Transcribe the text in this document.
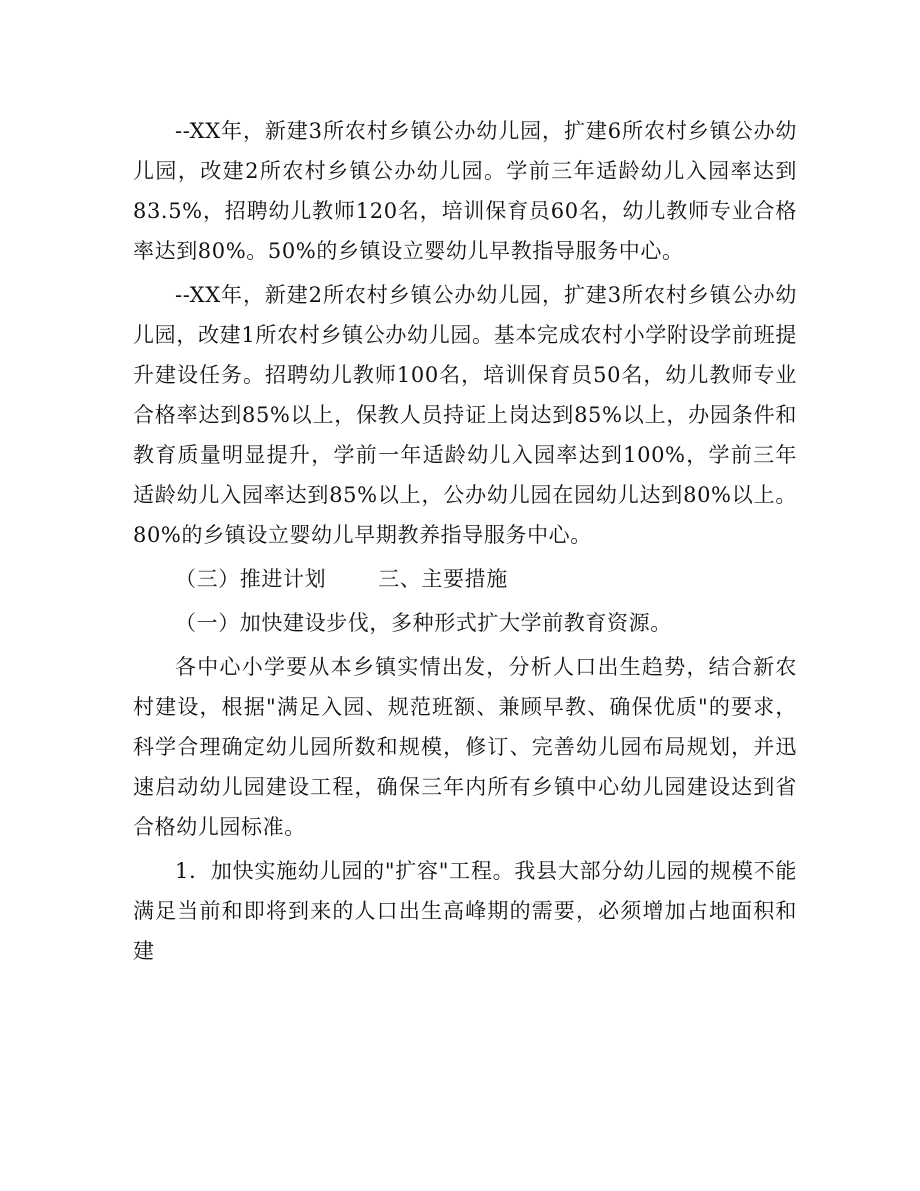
--XX年，新建3所农村乡镇公办幼儿园，扩建6所农村乡镇公办幼儿园，改建2所农村乡镇公办幼儿园。学前三年适龄幼儿入园率达到83.5%，招聘幼儿教师120名，培训保育员60名，幼儿教师专业合格率达到80%。50%的乡镇设立婴幼儿早教指导服务中心。

--XX年，新建2所农村乡镇公办幼儿园，扩建3所农村乡镇公办幼儿园，改建1所农村乡镇公办幼儿园。基本完成农村小学附设学前班提升建设任务。招聘幼儿教师100名，培训保育员50名，幼儿教师专业合格率达到85%以上，保教人员持证上岗达到85%以上，办园条件和教育质量明显提升，学前一年适龄幼儿入园率达到100%，学前三年适龄幼儿入园率达到85%以上，公办幼儿园在园幼儿达到80%以上。80%的乡镇设立婴幼儿早期教养指导服务中心。

（三）推进计划 三、主要措施

（一）加快建设步伐，多种形式扩大学前教育资源。

各中心小学要从本乡镇实情出发，分析人口出生趋势，结合新农村建设，根据"满足入园、规范班额、兼顾早教、确保优质"的要求，科学合理确定幼儿园所数和规模，修订、完善幼儿园布局规划，并迅速启动幼儿园建设工程，确保三年内所有乡镇中心幼儿园建设达到省合格幼儿园标准。

1．加快实施幼儿园的"扩容"工程。我县大部分幼儿园的规模不能满足当前和即将到来的人口出生高峰期的需要，必须增加占地面积和建
